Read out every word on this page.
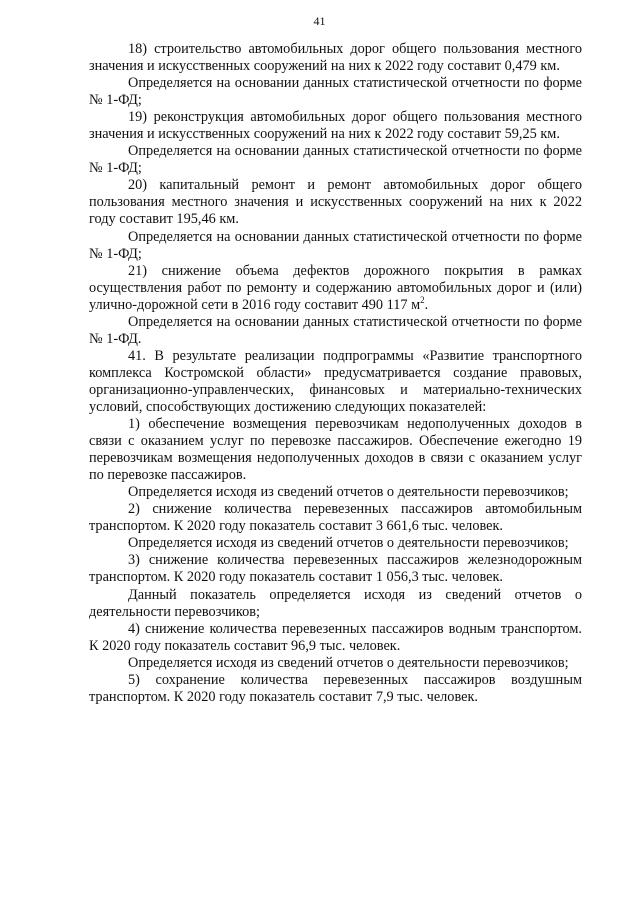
41

18) строительство автомобильных дорог общего пользования местного значения и искусственных сооружений на них к 2022 году составит 0,479 км.

Определяется на основании данных статистической отчетности по форме № 1-ФД;

19) реконструкция автомобильных дорог общего пользования местного значения и искусственных сооружений на них к 2022 году составит 59,25 км.

Определяется на основании данных статистической отчетности по форме № 1-ФД;

20) капитальный ремонт и ремонт автомобильных дорог общего пользования местного значения и искусственных сооружений на них к 2022 году составит 195,46 км.

Определяется на основании данных статистической отчетности по форме № 1-ФД;

21) снижение объема дефектов дорожного покрытия в рамках осуществления работ по ремонту и содержанию автомобильных дорог и (или) улично-дорожной сети в 2016 году составит 490 117 $м^2$.

Определяется на основании данных статистической отчетности по форме № 1-ФД.

41. В результате реализации подпрограммы «Развитие транспортного комплекса Костромской области» предусматривается создание правовых, организационно-управленческих, финансовых и материально-технических условий, способствующих достижению следующих показателей:

1) обеспечение возмещения перевозчикам недополученных доходов в связи с оказанием услуг по перевозке пассажиров. Обеспечение ежегодно 19 перевозчикам возмещения недополученных доходов в связи с оказанием услуг по перевозке пассажиров.

Определяется исходя из сведений отчетов о деятельности перевозчиков;

2) снижение количества перевезенных пассажиров автомобильным транспортом. К 2020 году показатель составит 3 661,6 тыс. человек.

Определяется исходя из сведений отчетов о деятельности перевозчиков;

3) снижение количества перевезенных пассажиров железнодорожным транспортом. К 2020 году показатель составит 1 056,3 тыс. человек.

Данный показатель определяется исходя из сведений отчетов о деятельности перевозчиков;

4) снижение количества перевезенных пассажиров водным транспортом. К 2020 году показатель составит 96,9 тыс. человек.

Определяется исходя из сведений отчетов о деятельности перевозчиков;

5) сохранение количества перевезенных пассажиров воздушным транспортом. К 2020 году показатель составит 7,9 тыс. человек.
